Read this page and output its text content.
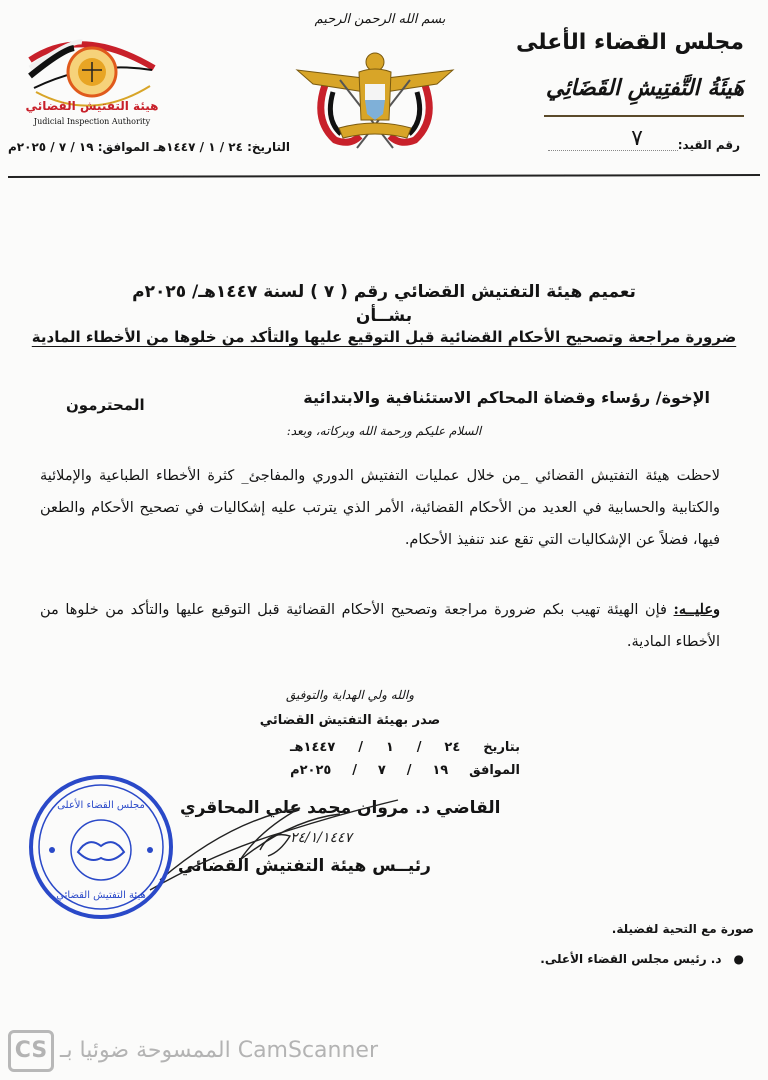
مجلس القضاء الأعلى
هَيئَةُ التَّفتِيشِ القَضَائِي
رقم القيد:
٧
التاريخ: ٢٤ / ١ / ١٤٤٧هـ الموافق: ١٩ / ٧ / ٢٠٢٥م
بسم الله الرحمن الرحيم
هيئة التفتيش القضائي
Judicial Inspection Authority
تعميم هيئة التفتيش القضائي رقم ( ٧ ) لسنة ١٤٤٧هـ/ ٢٠٢٥م
بشــأن
ضرورة مراجعة وتصحيح الأحكام القضائية قبل التوقيع عليها والتأكد من خلوها من الأخطاء المادية
الإخوة/ رؤساء وقضاة المحاكم الاستئنافية والابتدائية
المحترمون
السلام عليكم ورحمة الله وبركاته، وبعد:
لاحظت هيئة التفتيش القضائي _من خلال عمليات التفتيش الدوري والمفاجئ_ كثرة الأخطاء الطباعية والإملائية والكتابية والحسابية في العديد من الأحكام القضائية، الأمر الذي يترتب عليه إشكاليات في تصحيح الأحكام والطعن فيها، فضلاً عن الإشكاليات التي تقع عند تنفيذ الأحكام.
وعليــه: فإن الهيئة تهيب بكم ضرورة مراجعة وتصحيح الأحكام القضائية قبل التوقيع عليها والتأكد من خلوها من الأخطاء المادية.
والله ولي الهداية والتوفيق
صدر بهيئة التفتيش القضائي
بتاريخ
٢٤
/
١
/
١٤٤٧هـ
الموافق
١٩
/
٧
/
٢٠٢٥م
القاضي د. مروان محمد علي المحاقري
رئيــس هيئة التفتيش القضائي
٢٤/١/١٤٤٧
مجلس القضاء الأعلى
هيئة التفتيش القضائي
صورة مع التحية لفضيلة.
●د. رئيس مجلس القضاء الأعلى.
CS الممسوحة ضوئيا بـ CamScanner
